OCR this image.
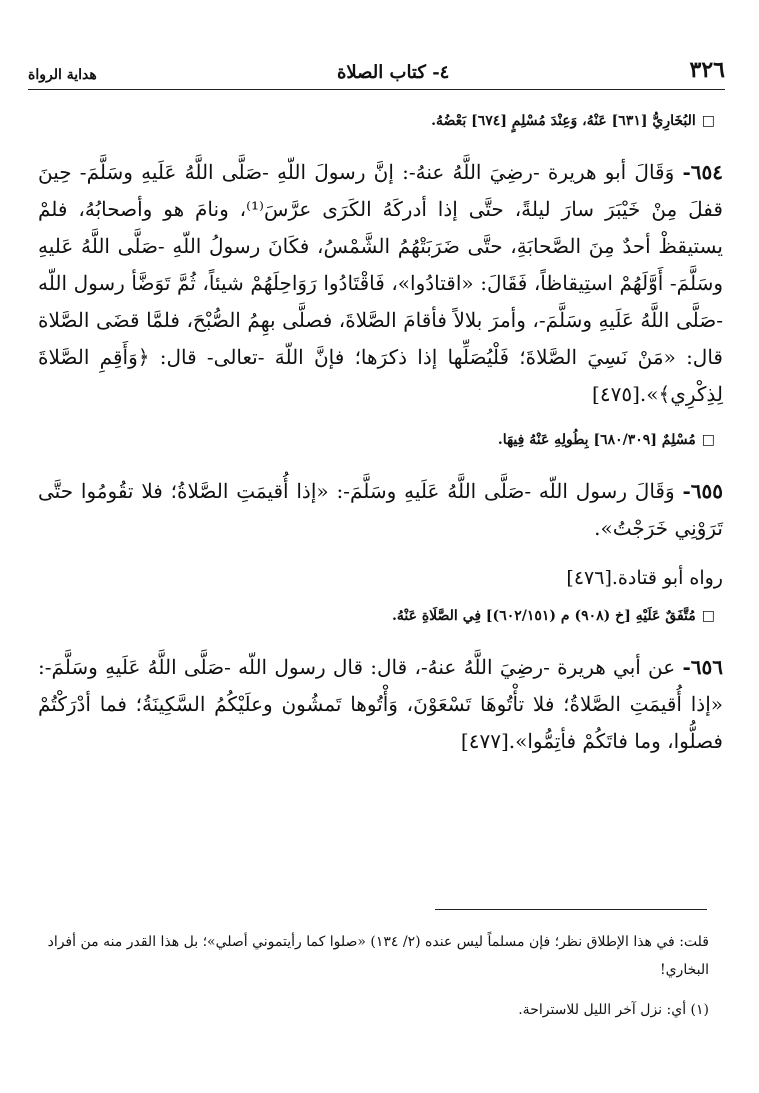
٣٢٦
٤- كتاب الصلاة
هداية الرواة

□البُخَارِيُّ [٦٣١] عَنْهُ، وَعِنْدَ مُسْلِمٍ [٦٧٤] بَعْضُهُ.

٦٥٤- وَقَالَ أبو هريرة -رضِيَ اللَّهُ عنهُ-: إنَّ رسولَ اللّهِ -صَلَّى اللَّهُ عَلَيهِ وسَلَّمَ- حِينَ قفلَ مِنْ خَيْبَرَ سارَ ليلةً، حتَّى إذا أدركَهُ الكَرَى عرَّسَ⁽¹⁾، ونامَ هو وأصحابُهُ، فلمْ يستيقظْ أحدٌ مِنَ الصَّحابَةِ، حتَّى ضَرَبَتْهُمُ الشَّمْسُ، فكَانَ رسولُ اللّهِ -صَلَّى اللَّهُ عَليهِ وسَلَّمَ- أَوَّلَهُمْ استِيقاظاً، فَقَالَ: «اقتادُوا»، فَاقْتَادُوا رَوَاحِلَهُمْ شيئاً، ثُمَّ تَوَضَّأ رسول اللّه -صَلَّى اللَّهُ عَلَيهِ وسَلَّمَ-، وأمرَ بلالاً فأقامَ الصَّلاةَ، فصلَّى بهِمُ الصُّبْحَ، فلمَّا قضَى الصَّلاة قال: «مَنْ نَسِيَ الصَّلاةَ؛ فَلْيُصَلِّها إذا ذكرَها؛ فإنَّ اللّهَ -تعالى- قال: ﴿وَأَقِمِ الصَّلاةَ لِذِكْرِي﴾».[٤٧٥]

□مُسْلِمٌ [٦٨٠/٣٠٩] بِطُولِهِ عَنْهُ فِيهَا.

٦٥٥- وَقَالَ رسول اللّه -صَلَّى اللَّهُ عَلَيهِ وسَلَّمَ-: «إذا أُقيمَتِ الصَّلاةُ؛ فلا تقُومُوا حتَّى تَرَوْنِي خَرَجْتُ».

رواه أبو قتادة.[٤٧٦]

□مُتَّفَقٌ عَلَيْهِ [خ (٩٠٨) م (٦٠٢/١٥١)] فِي الصَّلَاةِ عَنْهُ.

٦٥٦- عن أبي هريرة -رضِيَ اللَّهُ عنهُ-، قال: قال رسول اللّه -صَلَّى اللَّهُ عَلَيهِ وسَلَّمَ-: «إذا أُقيمَتِ الصَّلاةُ؛ فلا تأْتُوهَا تَسْعَوْنَ، وَأْتُوها تَمشُون وعلَيْكُمُ السَّكِينَةُ؛ فما أدْرَكْتُمْ فصلُّوا، وما فاتَكُمْ فأتِمُّوا».[٤٧٧]

قلت: في هذا الإطلاق نظر؛ فإن مسلماً ليس عنده (٢/ ١٣٤) «صلوا كما رأيتموني أصلي»؛ بل هذا القدر منه من أفراد البخاري!

(١) أي: نزل آخر الليل للاستراحة.
